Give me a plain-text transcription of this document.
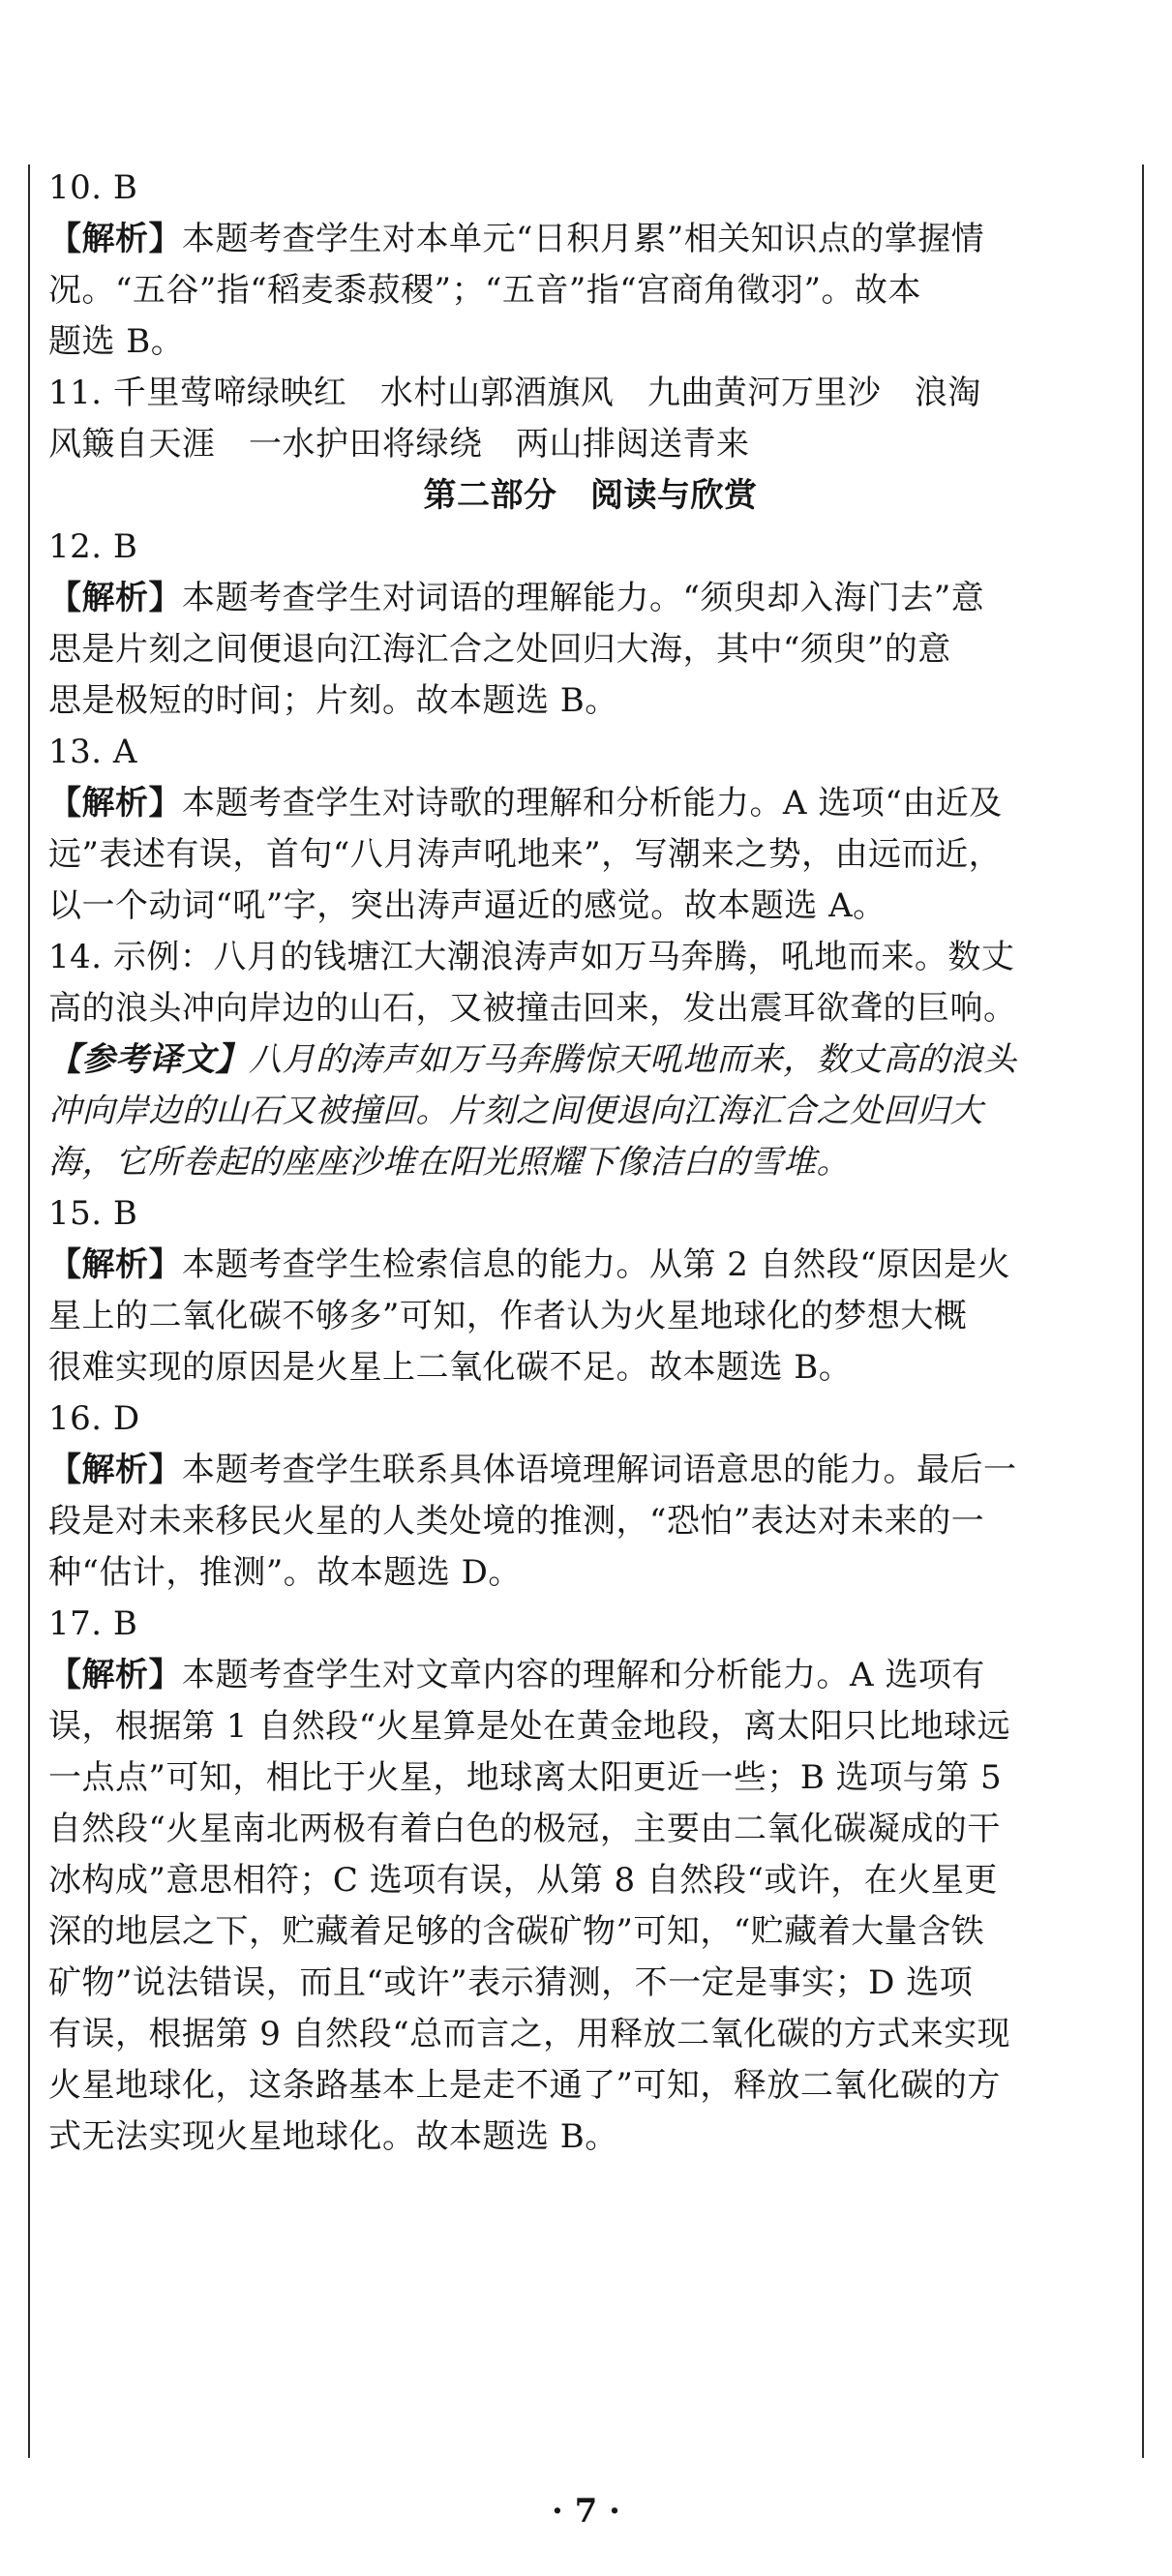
10. B
【解析】本题考查学生对本单元“日积月累”相关知识点的掌握情
况。“五谷”指“稻麦黍菽稷”；“五音”指“宫商角徵羽”。故本
题选 B。
11. 千里莺啼绿映红　水村山郭酒旗风　九曲黄河万里沙　浪淘
风簸自天涯　一水护田将绿绕　两山排闼送青来
第二部分　阅读与欣赏
12. B
【解析】本题考查学生对词语的理解能力。“须臾却入海门去”意
思是片刻之间便退向江海汇合之处回归大海，其中“须臾”的意
思是极短的时间；片刻。故本题选 B。
13. A
【解析】本题考查学生对诗歌的理解和分析能力。A 选项“由近及
远”表述有误，首句“八月涛声吼地来”，写潮来之势，由远而近，
以一个动词“吼”字，突出涛声逼近的感觉。故本题选 A。
14. 示例：八月的钱塘江大潮浪涛声如万马奔腾，吼地而来。数丈
高的浪头冲向岸边的山石，又被撞击回来，发出震耳欲聋的巨响。
【参考译文】八月的涛声如万马奔腾惊天吼地而来，数丈高的浪头
冲向岸边的山石又被撞回。片刻之间便退向江海汇合之处回归大
海，它所卷起的座座沙堆在阳光照耀下像洁白的雪堆。
15. B
【解析】本题考查学生检索信息的能力。从第 2 自然段“原因是火
星上的二氧化碳不够多”可知，作者认为火星地球化的梦想大概
很难实现的原因是火星上二氧化碳不足。故本题选 B。
16. D
【解析】本题考查学生联系具体语境理解词语意思的能力。最后一
段是对未来移民火星的人类处境的推测，“恐怕”表达对未来的一
种“估计，推测”。故本题选 D。
17. B
【解析】本题考查学生对文章内容的理解和分析能力。A 选项有
误，根据第 1 自然段“火星算是处在黄金地段，离太阳只比地球远
一点点”可知，相比于火星，地球离太阳更近一些；B 选项与第 5
自然段“火星南北两极有着白色的极冠，主要由二氧化碳凝成的干
冰构成”意思相符；C 选项有误，从第 8 自然段“或许，在火星更
深的地层之下，贮藏着足够的含碳矿物”可知，“贮藏着大量含铁
矿物”说法错误，而且“或许”表示猜测，不一定是事实；D 选项
有误，根据第 9 自然段“总而言之，用释放二氧化碳的方式来实现
火星地球化，这条路基本上是走不通了”可知，释放二氧化碳的方
式无法实现火星地球化。故本题选 B。
· 7 ·
